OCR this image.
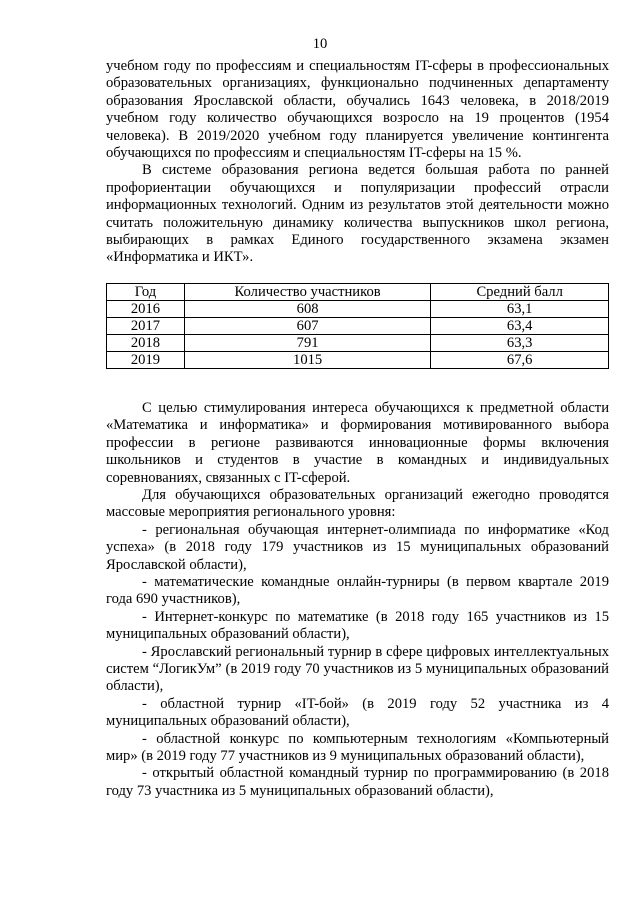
10

учебном году по профессиям и специальностям IT-сферы в профессиональных образовательных организациях, функционально подчиненных департаменту образования Ярославской области, обучались 1643 человека, в 2018/2019 учебном году количество обучающихся возросло на 19 процентов (1954 человека). В 2019/2020 учебном году планируется увеличение контингента обучающихся по профессиям и специальностям IT-сферы на 15 %.

В системе образования региона ведется большая работа по ранней профориентации обучающихся и популяризации профессий отрасли информационных технологий. Одним из результатов этой деятельности можно считать положительную динамику количества выпускников школ региона, выбирающих в рамках Единого государственного экзамена экзамен «Информатика и ИКТ».

Год	Количество участников	Средний балл
2016	608	63,1
2017	607	63,4
2018	791	63,3
2019	1015	67,6

С целью стимулирования интереса обучающихся к предметной области «Математика и информатика» и формирования мотивированного выбора профессии в регионе развиваются инновационные формы включения школьников и студентов в участие в командных и индивидуальных соревнованиях, связанных с IT-сферой.

Для обучающихся образовательных организаций ежегодно проводятся массовые мероприятия регионального уровня:

- региональная обучающая интернет-олимпиада по информатике «Код успеха» (в 2018 году 179 участников из 15 муниципальных образований Ярославской области),

- математические командные онлайн-турниры (в первом квартале 2019 года 690 участников),

- Интернет-конкурс по математике (в 2018 году 165 участников из 15 муниципальных образований области),

- Ярославский региональный турнир в сфере цифровых интеллектуальных систем “ЛогикУм” (в 2019 году 70 участников из 5 муниципальных образований области),

- областной турнир «IT-бой» (в 2019 году 52 участника из 4 муниципальных образований области),

- областной конкурс по компьютерным технологиям «Компьютерный мир» (в 2019 году 77 участников из 9 муниципальных образований области),

- открытый областной командный турнир по программированию (в 2018 году 73 участника из 5 муниципальных образований области),
